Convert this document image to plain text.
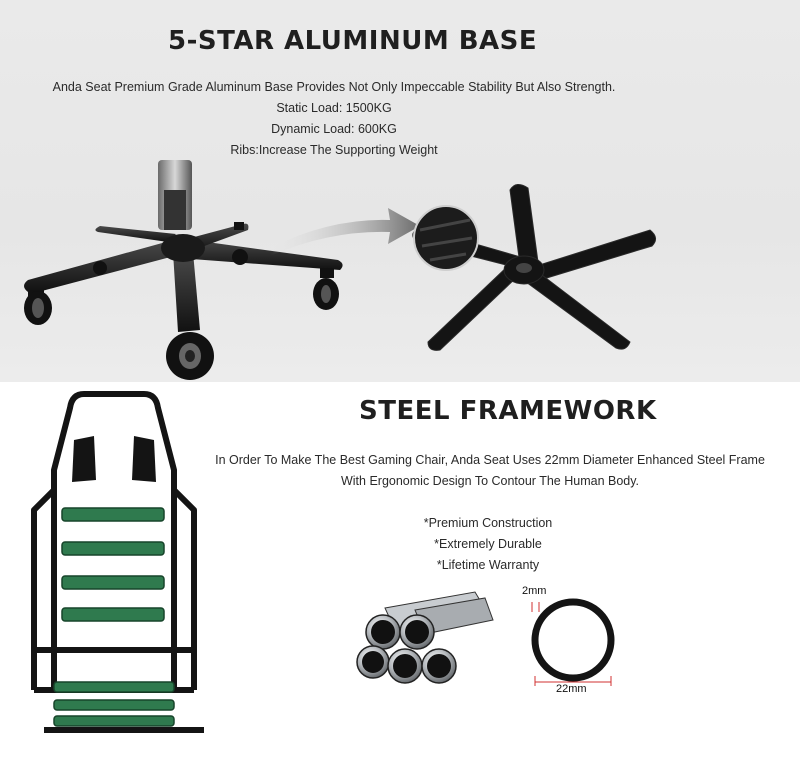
5-STAR ALUMINUM BASE
Anda Seat Premium Grade Aluminum Base Provides Not Only Impeccable Stability But Also Strength.
Static Load: 1500KG
Dynamic Load: 600KG
Ribs:Increase The Supporting Weight
STEEL FRAMEWORK
In Order To Make The Best Gaming Chair, Anda Seat Uses 22mm Diameter Enhanced Steel Frame
With Ergonomic Design To Contour The Human Body.
*Premium Construction
*Extremely Durable
*Lifetime Warranty
2mm
22mm
